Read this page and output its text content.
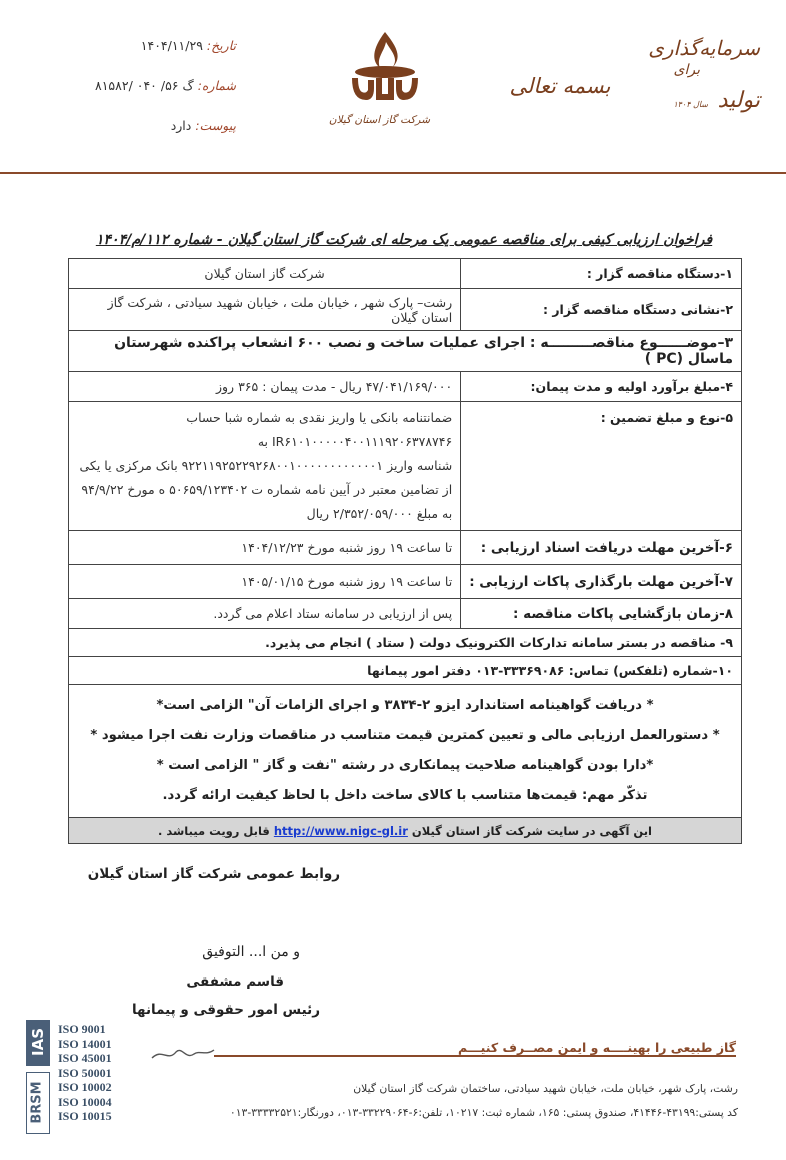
تاریخ: ۱۴۰۴/۱۱/۲۹
شماره: گ ۵۶/ ۰۴۰ /۸۱۵۸۲
پیوست: دارد	شرکت گاز استان گیلان
بسمه تعالی
سرمایه‌گذاری
برای
تولید
سال ۱۴۰۴
فراخوان ارزیابی کیفی برای مناقصه عمومی یک مرحله ای شرکت گاز استان گیلان - شماره ۱۱۲/م/۱۴۰۴
۱-دستگاه مناقصه گزار :	شرکت گاز استان گیلان
۲-نشانی دستگاه مناقصه گزار :	رشت– پارک شهر ، خیابان ملت ، خیابان شهید سیادتی ، شرکت گاز استان گیلان
۳–موضــــــوع مناقصـــــــــه : اجرای عملیات ساخت و نصب ۶۰۰ انشعاب پراکنده شهرستان ماسال (PC )	
۴-مبلغ برآورد اولیه و مدت پیمان:	۴۷/۰۴۱/۱۶۹/۰۰۰ ریال - مدت پیمان : ۳۶۵ روز
۵-نوع و مبلغ تضمین :	ضمانتنامه بانکی یا واریز نقدی به شماره شبا حساب IR۶۱۰۱۰۰۰۰۰۴۰۰۱۱۱۹۲۰۶۳۷۸۷۴۶ به
شناسه واریز ۹۲۲۱۱۹۲۵۲۲۹۲۶۸۰۰۱۰۰۰۰۰۰۰۰۰۰۰۰۱ بانک مرکزی یا یکی
از تضامین معتبر در آیین نامه شماره ت ۵۰۶۵۹/۱۲۳۴۰۲ ه مورخ ۹۴/۹/۲۲
به مبلغ ۲/۳۵۲/۰۵۹/۰۰۰ ریال

۶-آخرین مهلت دریافت اسناد ارزیابی :	تا ساعت ۱۹ روز شنبه مورخ ۱۴۰۴/۱۲/۲۳
۷-آخرین مهلت بارگذاری پاکات ارزیابی :	تا ساعت ۱۹ روز شنبه مورخ ۱۴۰۵/۰۱/۱۵
۸-زمان بازگشایی پاکات مناقصه :	پس از ارزیابی در سامانه ستاد اعلام می گردد.
۹- مناقصه در بستر سامانه تدارکات الکترونیک دولت ( ستاد ) انجام می پذیرد.	
۱۰-شماره (تلفکس) تماس: ۳۳۳۶۹۰۸۶-۰۱۳ دفتر امور پیمانها	

* دریافت گواهینامه استاندارد ایزو ۲-۳۸۳۴ و اجرای الزامات آن" الزامی است*
* دستورالعمل ارزیابی مالی و تعیین کمترین قیمت متناسب در مناقصات وزارت نفت اجرا میشود *
*دارا بودن گواهینامه صلاحیت پیمانکاری در رشته "نفت و گاز " الزامی است *
تذکّر مهم: قیمت‌ها متناسب با کالای ساخت داخل با لحاظ کیفیت ارائه گردد.	

این آگهی در سایت شرکت گاز استان گیلان http://www.nigc-gl.ir قابل رویت میباشد .	
روابط عمومی شرکت گاز استان گیلان
و من ا... التوفیق
قاسم مشفقی
رئیس امور حقوقی و پیمانها
IAS
BRSM
ISO 9001
ISO 14001
ISO 45001
ISO 50001
ISO 10002
ISO 10004
ISO 10015
گاز طبیعی را بهینــــه و ایمن مصــرف کنیـــم
رشت، پارک شهر، خیابان ملت، خیابان شهید سیادتی، ساختمان شرکت گاز استان گیلان
کد پستی:۴۳۱۹۹-۴۱۴۴۶، صندوق پستی: ۱۶۵، شماره ثبت: ۱۰۲۱۷، تلفن:۶-۳۳۲۲۹۰۶۴-۰۱۳، دورنگار:۳۳۳۳۲۵۲۱-۰۱۳
